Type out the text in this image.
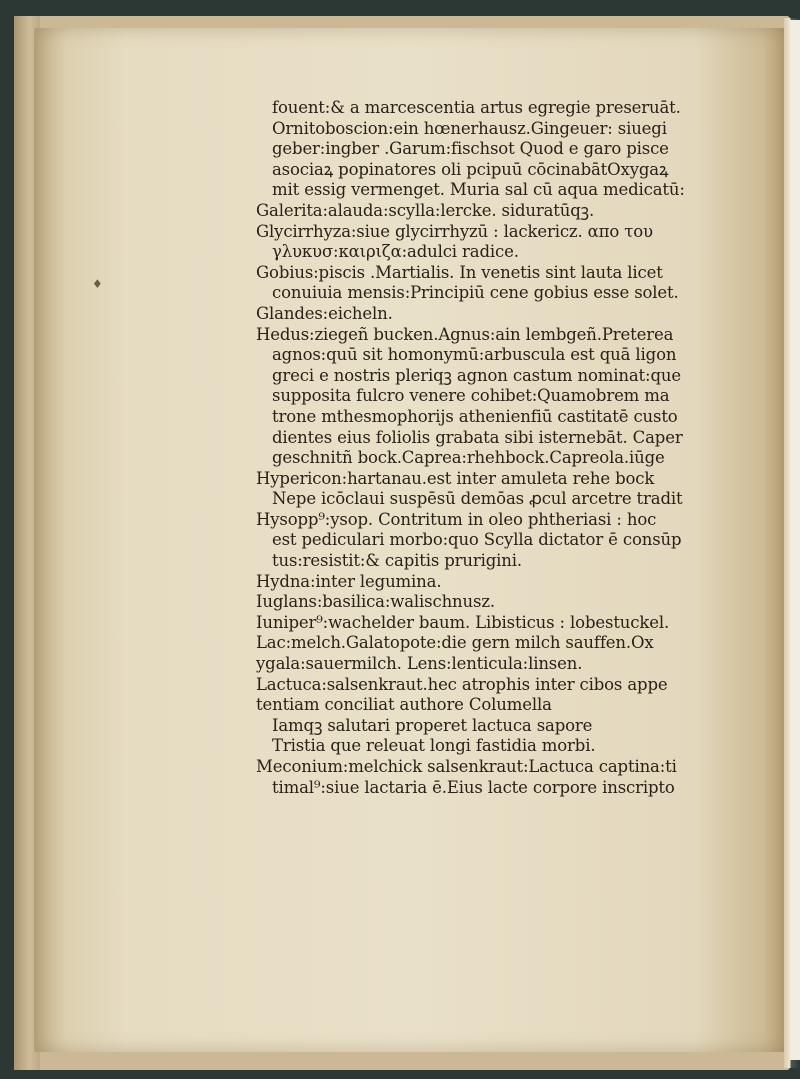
♦
fouent:& a marcescentia artus egregie preseruāt.
Ornitoboscion:ein hœnerhausz.Gingeuer: siuegi
geber:ingber .Garum:fischsot Quod e garo pisce
asociaꝝ popinatores oli pcipuū cōcinabātOxygaꝝ
mit essig vermenget. Muria sal cū aqua medicatū:
Galerita:alauda:scylla:lercke. siduratūqꝫ.
Glycirrhyza:siue glycirrhyzū : lackericz. απο του
γλυκυσ:καιριζα:adulci radice.
Gobius:piscis .Martialis. In venetis sint lauta licet
conuiuia mensis:Principiū cene gobius esse solet.
Glandes:eicheln.
Hedus:ziegeñ bucken.Agnus:ain lembgeñ.Preterea
agnos:quū sit homonymū:arbuscula est quā ligon
greci e nostris pleriqꝫ agnon castum nominat:que
supposita fulcro venere cohibet:Quamobrem ma
trone mthesmophorijs athenienfiū castitatē custo
dientes eius foliolis grabata sibi isternebāt. Caper
geschnitñ bock.Caprea:rhehbock.Capreola.iūge
Hypericon:hartanau.est inter amuleta rehe bock
Nepe icōclaui suspēsū demōas ꝓcul arcetre tradit
Hysopp⁹:ysop. Contritum in oleo phtheriasi : hoc
est pediculari morbo:quo Scylla dictator ē consūp
tus:resistit:& capitis prurigini.
Hydna:inter legumina.
Iuglans:basilica:walischnusz.
Iuniper⁹:wachelder baum. Libisticus : lobestuckel.
Lac:melch.Galatopote:die gern milch sauffen.Ox
ygala:sauermilch. Lens:lenticula:linsen.
Lactuca:salsenkraut.hec atrophis inter cibos appe
tentiam conciliat authore Columella
Iamqꝫ salutari properet lactuca sapore
Tristia que releuat longi fastidia morbi.
Meconium:melchick salsenkraut:Lactuca captina:ti
timal⁹:siue lactaria ē.Eius lacte corpore inscripto
